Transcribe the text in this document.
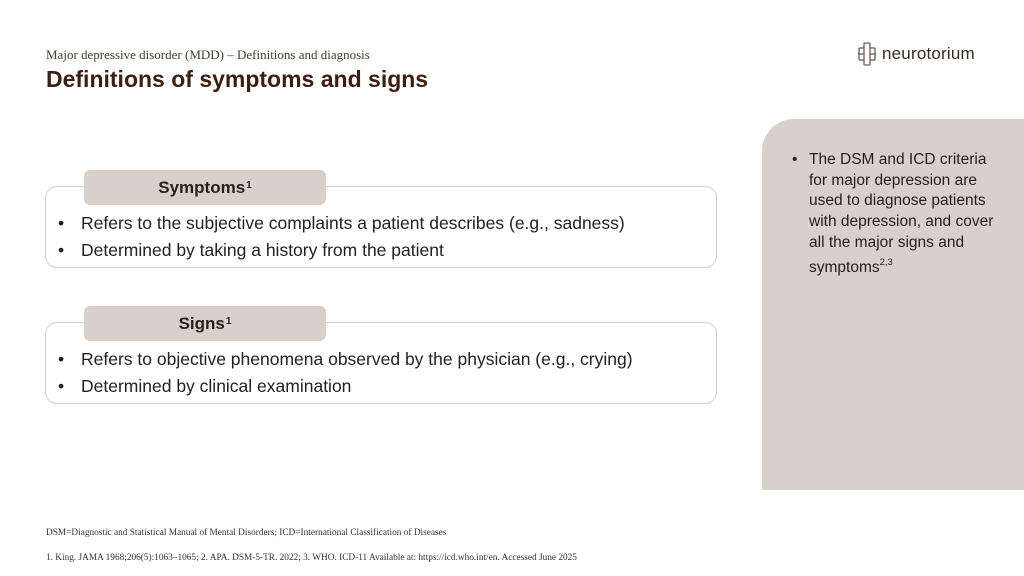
Major depressive disorder (MDD) – Definitions and diagnosis
Definitions of symptoms and signs
neurotorium
• Refers to the subjective complaints a patient describes (e.g., sadness)
• Determined by taking a history from the patient
Symptoms$^1$
• Refers to objective phenomena observed by the physician (e.g., crying)
• Determined by clinical examination
Signs$^1$
• The DSM and ICD criteria for major depression are used to diagnose patients with depression, and cover all the major signs and symptoms$^{2,3}$
DSM=Diagnostic and Statistical Manual of Mental Disorders; ICD=International Classification of Diseases
1. King. JAMA 1968;206(5):1063–1065; 2. APA. DSM-5-TR. 2022; 3. WHO. ICD-11 Available at: https://icd.who.int/en. Accessed June 2025
